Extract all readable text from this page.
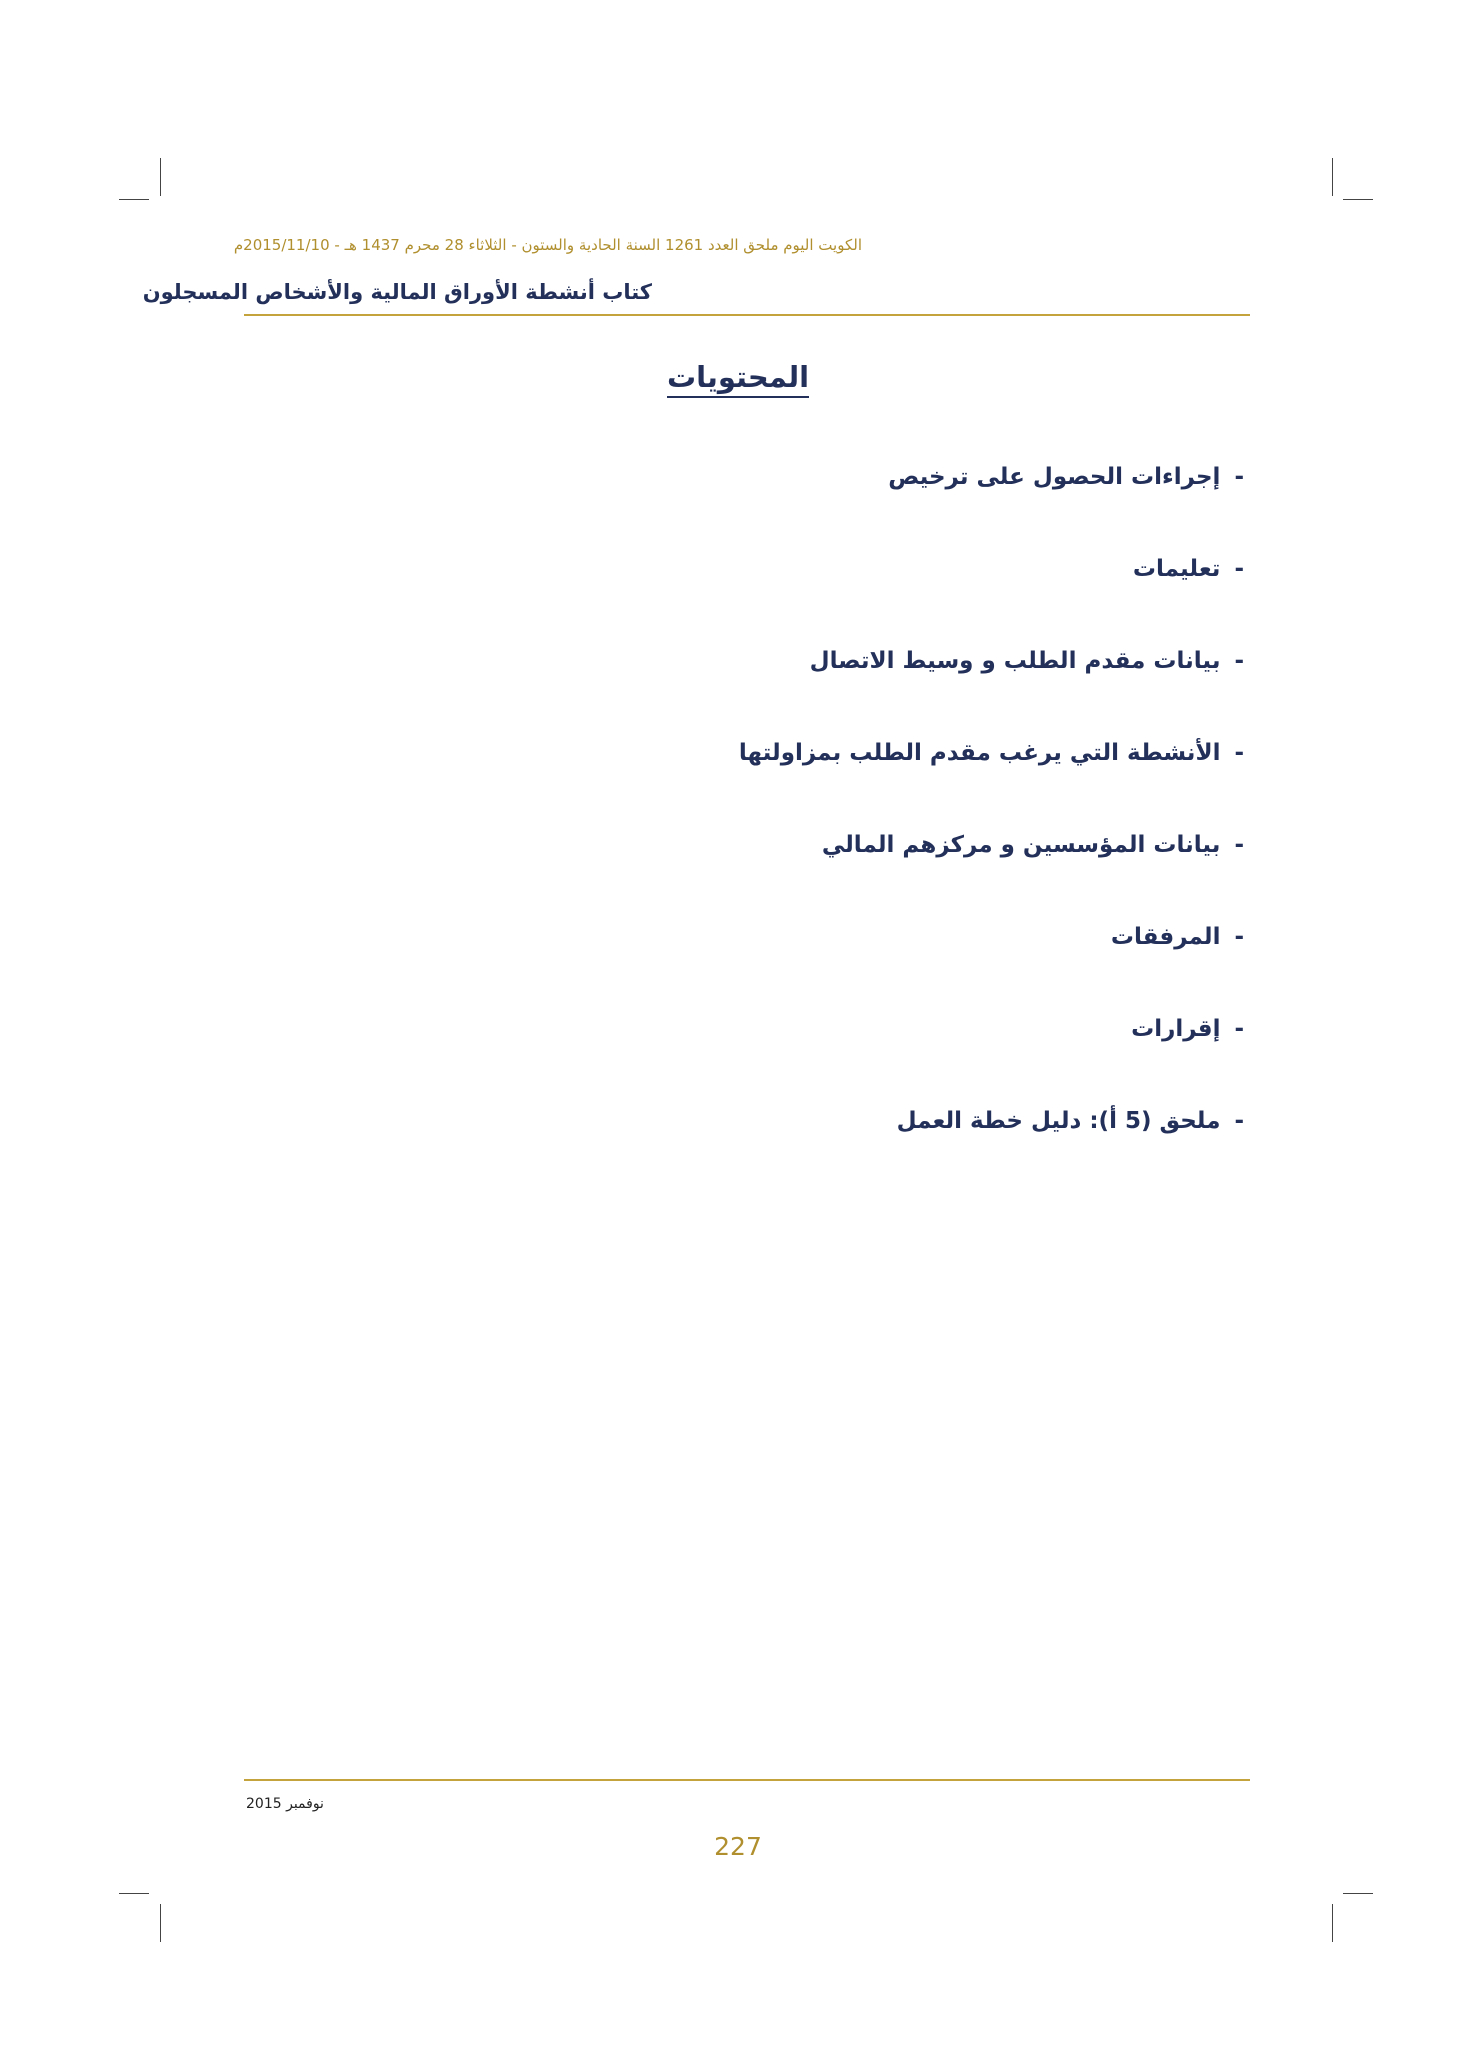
الكويت اليوم ملحق العدد 1261 السنة الحادية والستون - الثلاثاء 28 محرم 1437 هـ - 2015/11/10م
كتاب أنشطة الأوراق المالية والأشخاص المسجلون
المحتويات
-إجراءات الحصول على ترخيص
-تعليمات
-بيانات مقدم الطلب و وسيط الاتصال
-الأنشطة التي يرغب مقدم الطلب بمزاولتها
-بيانات المؤسسين و مركزهم المالي
-المرفقات
-إقرارات
-ملحق (5 أ): دليل خطة العمل
نوفمبر 2015
227
